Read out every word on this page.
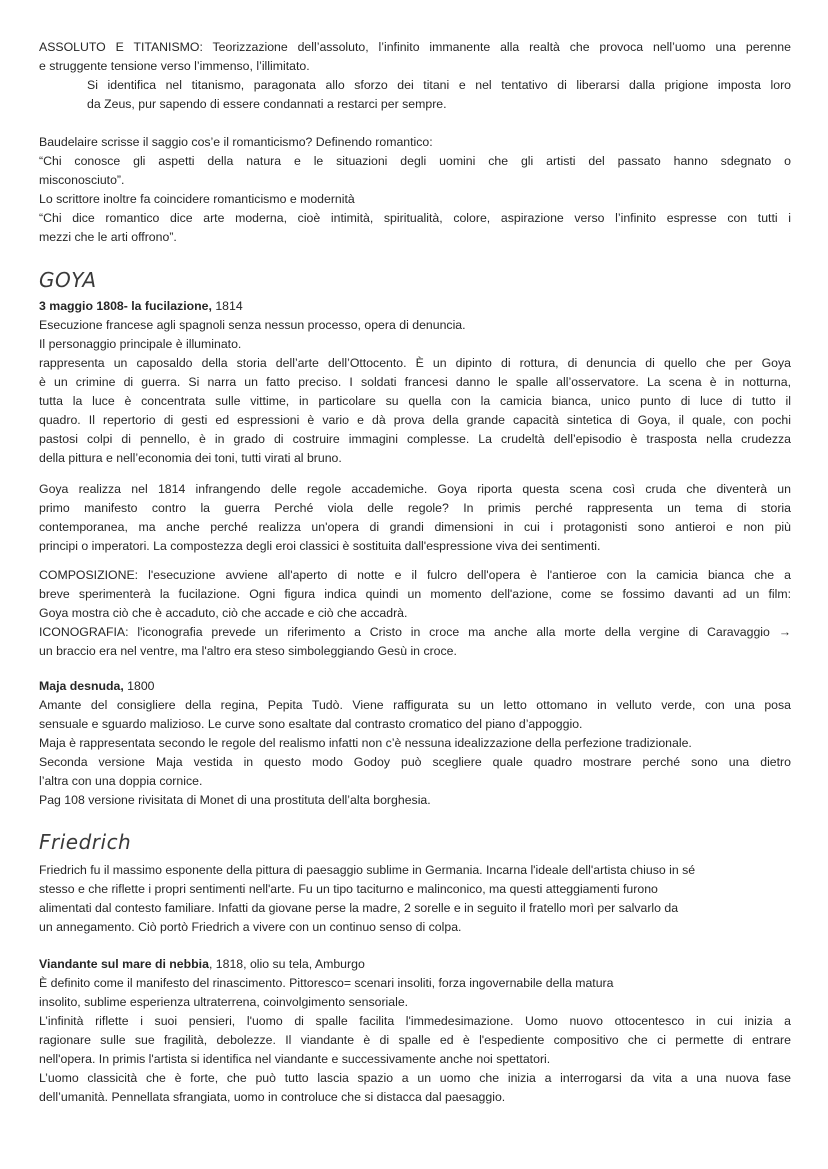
ASSOLUTO E TITANISMO: Teorizzazione dell’assoluto, l’infinito immanente alla realtà che provoca nell’uomo una perenne
e struggente tensione verso l’immenso, l’illimitato.
Si identifica nel titanismo, paragonata allo sforzo dei titani e nel tentativo di liberarsi dalla prigione imposta loro
da Zeus, pur sapendo di essere condannati a restarci per sempre.
Baudelaire scrisse il saggio cos’e il romanticismo? Definendo romantico:
“Chi conosce gli aspetti della natura e le situazioni degli uomini che gli artisti del passato hanno sdegnato o
misconosciuto”.
Lo scrittore inoltre fa coincidere romanticismo e modernità
“Chi dice romantico dice arte moderna, cioè intimità, spiritualità, colore, aspirazione verso l’infinito espresse con tutti i
mezzi che le arti offrono”.
GOYA
3 maggio 1808- la fucilazione, 1814
Esecuzione francese agli spagnoli senza nessun processo, opera di denuncia.
Il personaggio principale è illuminato.
rappresenta un caposaldo della storia dell’arte dell’Ottocento. È un dipinto di rottura, di denuncia di quello che per Goya
è un crimine di guerra. Si narra un fatto preciso. I soldati francesi danno le spalle all’osservatore. La scena è in notturna,
tutta la luce è concentrata sulle vittime, in particolare su quella con la camicia bianca, unico punto di luce di tutto il
quadro. Il repertorio di gesti ed espressioni è vario e dà prova della grande capacità sintetica di Goya, il quale, con pochi
pastosi colpi di pennello, è in grado di costruire immagini complesse. La crudeltà dell’episodio è trasposta nella crudezza
della pittura e nell’economia dei toni, tutti virati al bruno.
Goya realizza nel 1814 infrangendo delle regole accademiche. Goya riporta questa scena così cruda che diventerà un
primo manifesto contro la guerra Perché viola delle regole? In primis perché rappresenta un tema di storia
contemporanea, ma anche perché realizza un'opera di grandi dimensioni in cui i protagonisti sono antieroi e non più
principi o imperatori. La compostezza degli eroi classici è sostituita dall'espressione viva dei sentimenti.
COMPOSIZIONE: l'esecuzione avviene all'aperto di notte e il fulcro dell'opera è l'antieroe con la camicia bianca che a
breve sperimenterà la fucilazione. Ogni figura indica quindi un momento dell'azione, come se fossimo davanti ad un film:
Goya mostra ciò che è accaduto, ciò che accade e ciò che accadrà.
ICONOGRAFIA: l'iconografia prevede un riferimento a Cristo in croce ma anche alla morte della vergine di Caravaggio →
un braccio era nel ventre, ma l'altro era steso simboleggiando Gesù in croce.
Maja desnuda, 1800
Amante del consigliere della regina, Pepita Tudò. Viene raffigurata su un letto ottomano in velluto verde, con una posa
sensuale e sguardo malizioso. Le curve sono esaltate dal contrasto cromatico del piano d’appoggio.
Maja è rappresentata secondo le regole del realismo infatti non c’è nessuna idealizzazione della perfezione tradizionale.
Seconda versione Maja vestida in questo modo Godoy può scegliere quale quadro mostrare perché sono una dietro
l’altra con una doppia cornice.
Pag 108 versione rivisitata di Monet di una prostituta dell’alta borghesia.
Friedrich
Friedrich fu il massimo esponente della pittura di paesaggio sublime in Germania. Incarna l'ideale dell'artista chiuso in sé
stesso e che riflette i propri sentimenti nell'arte. Fu un tipo taciturno e malinconico, ma questi atteggiamenti furono
alimentati dal contesto familiare. Infatti da giovane perse la madre, 2 sorelle e in seguito il fratello morì per salvarlo da
un annegamento. Ciò portò Friedrich a vivere con un continuo senso di colpa.
Viandante sul mare di nebbia, 1818, olio su tela, Amburgo
È definito come il manifesto del rinascimento. Pittoresco= scenari insoliti, forza ingovernabile della matura
insolito, sublime esperienza ultraterrena, coinvolgimento sensoriale.
L’infinità riflette i suoi pensieri, l'uomo di spalle facilita l'immedesimazione. Uomo nuovo ottocentesco in cui inizia a
ragionare sulle sue fragilità, debolezze. Il viandante è di spalle ed è l'espediente compositivo che ci permette di entrare
nell'opera. In primis l'artista si identifica nel viandante e successivamente anche noi spettatori.
L’uomo classicità che è forte, che può tutto lascia spazio a un uomo che inizia a interrogarsi da vita a una nuova fase
dell’umanità. Pennellata sfrangiata, uomo in controluce che si distacca dal paesaggio.
